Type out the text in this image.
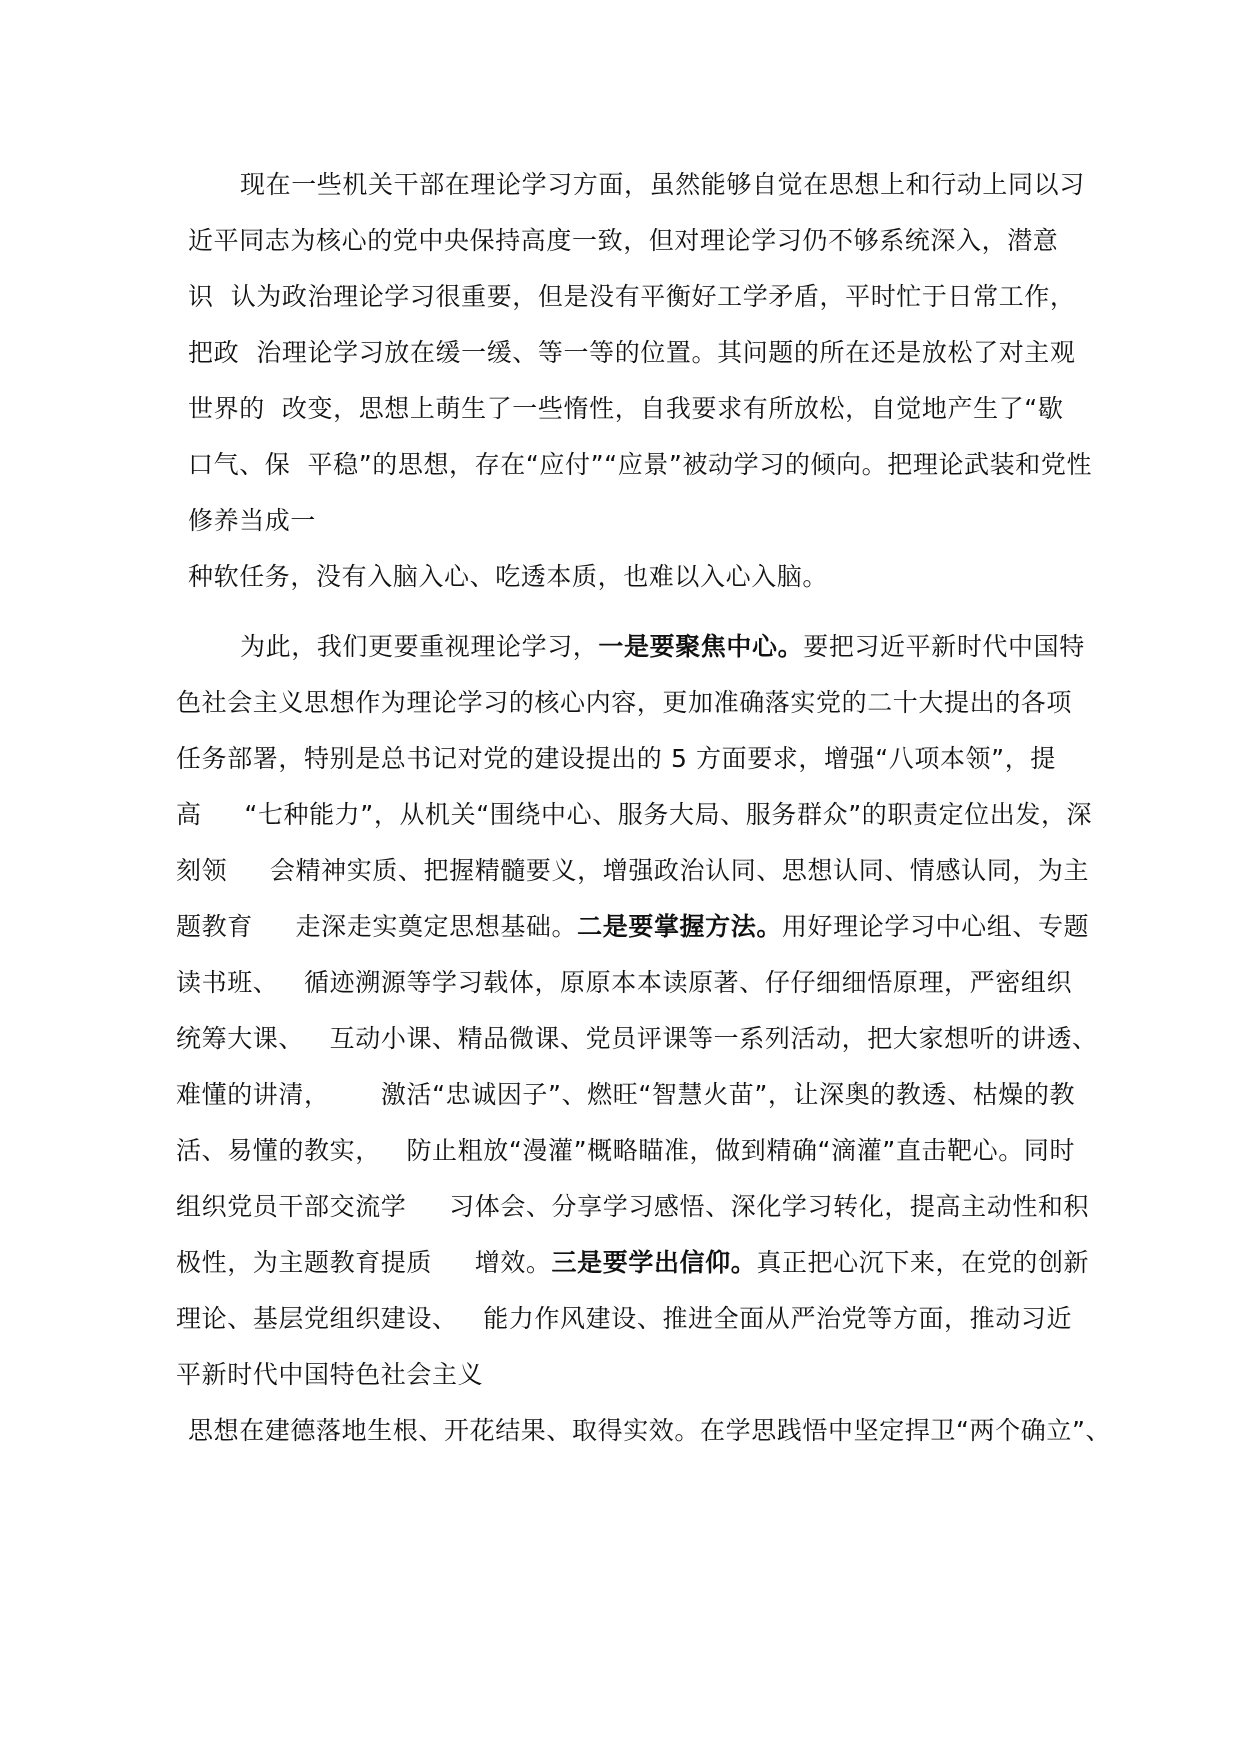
现在一些机关干部在理论学习方面，虽然能够自觉在思想上和行动上同以习
近平同志为核心的党中央保持高度一致，但对理论学习仍不够系统深入，潜意
识  认为政治理论学习很重要，但是没有平衡好工学矛盾，平时忙于日常工作，
把政  治理论学习放在缓一缓、等一等的位置。其问题的所在还是放松了对主观
世界的  改变，思想上萌生了一些惰性，自我要求有所放松，自觉地产生了“歇
口气、保  平稳”的思想，存在“应付”“应景”被动学习的倾向。把理论武装和党性
修养当成一
种软任务，没有入脑入心、吃透本质，也难以入心入脑。
为此，我们更要重视理论学习，一是要聚焦中心。要把习近平新时代中国特
色社会主义思想作为理论学习的核心内容，更加准确落实党的二十大提出的各项
任务部署，特别是总书记对党的建设提出的 5 方面要求，增强“八项本领”，提
高     “七种能力”，从机关“围绕中心、服务大局、服务群众”的职责定位出发，深
刻领     会精神实质、把握精髓要义，增强政治认同、思想认同、情感认同，为主
题教育     走深走实奠定思想基础。二是要掌握方法。用好理论学习中心组、专题
读书班、   循迹溯源等学习载体，原原本本读原著、仔仔细细悟原理，严密组织
统筹大课、   互动小课、精品微课、党员评课等一系列活动，把大家想听的讲透、
难懂的讲清，      激活“忠诚因子”、燃旺“智慧火苗”，让深奥的教透、枯燥的教
活、易懂的教实，   防止粗放“漫灌”概略瞄准，做到精确“滴灌”直击靶心。同时
组织党员干部交流学     习体会、分享学习感悟、深化学习转化，提高主动性和积
极性，为主题教育提质     增效。三是要学出信仰。真正把心沉下来，在党的创新
理论、基层党组织建设、   能力作风建设、推进全面从严治党等方面，推动习近
平新时代中国特色社会主义
思想在建德落地生根、开花结果、取得实效。在学思践悟中坚定捍卫“两个确立”、
